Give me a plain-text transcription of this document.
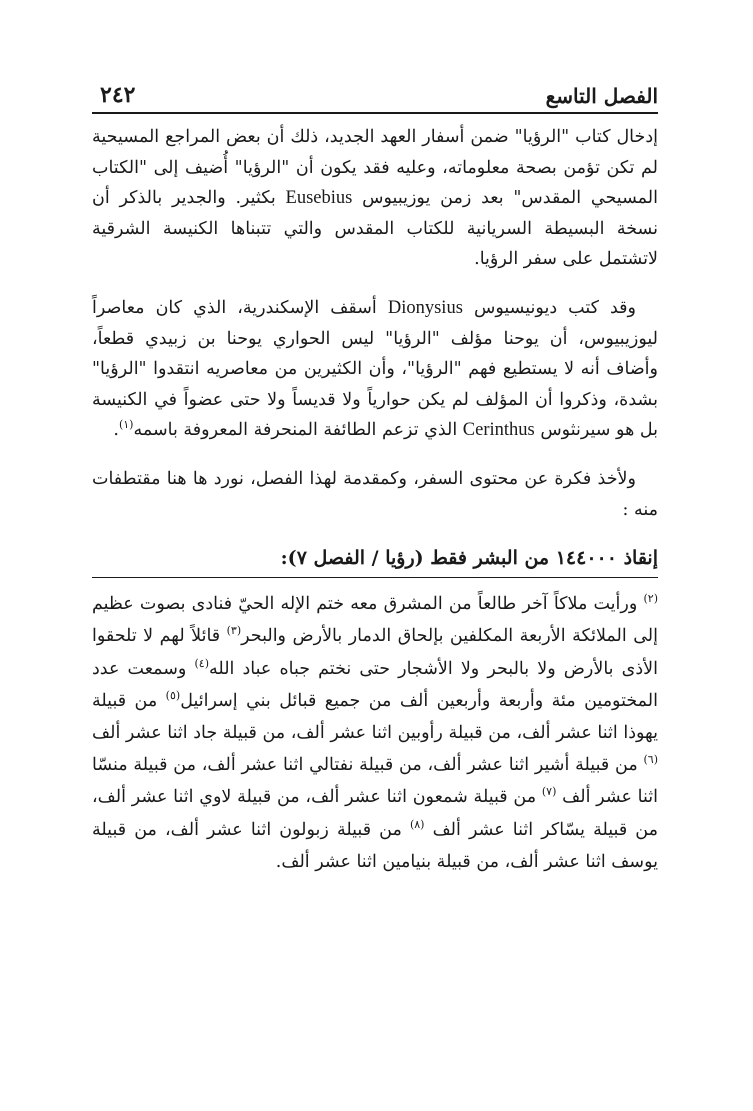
٢٤٢	الفصل التاسع

إدخال كتاب "الرؤيا" ضمن أسفار العهد الجديد، ذلك أن بعض المراجع المسيحية لم تكن تؤمن بصحة معلوماته، وعليه فقد يكون أن "الرؤيا" أُضيف إلى "الكتاب المسيحي المقدس" بعد زمن يوزيبيوس Eusebius بكثير. والجدير بالذكر أن نسخة البسيطة السريانية للكتاب المقدس والتي تتبناها الكنيسة الشرقية لاتشتمل على سفر الرؤيا.

وقد كتب ديونيسيوس Dionysius أسقف الإسكندرية، الذي كان معاصراً ليوزيبيوس، أن يوحنا مؤلف "الرؤيا" ليس الحواري يوحنا بن زبيدي قطعاً، وأضاف أنه لا يستطيع فهم "الرؤيا"، وأن الكثيرين من معاصريه انتقدوا "الرؤيا" بشدة، وذكروا أن المؤلف لم يكن حوارياً ولا قديساً ولا حتى عضواً في الكنيسة بل هو سيرنثوس Cerinthus الذي تزعم الطائفة المنحرفة المعروفة باسمه$^{(١)}$.

ولأخذ فكرة عن محتوى السفر، وكمقدمة لهذا الفصل، نورد ها هنا مقتطفات منه :

إنقاذ ١٤٤٠٠٠ من البشر فقط (رؤيا / الفصل ٧):

$^{(٢)}$ ورأيت ملاكاً آخر طالعاً من المشرق معه ختم الإله الحيّ فنادى بصوت عظيم إلى الملائكة الأربعة المكلفين بإلحاق الدمار بالأرض والبحر$^{(٣)}$ قائلاً لهم لا تلحقوا الأذى بالأرض ولا بالبحر ولا الأشجار حتى نختم جباه عباد الله$^{(٤)}$ وسمعت عدد المختومين مئة وأربعة وأربعين ألف من جميع قبائل بني إسرائيل$^{(٥)}$ من قبيلة يهوذا اثنا عشر ألف، من قبيلة رأوبين اثنا عشر ألف، من قبيلة جاد اثنا عشر ألف $^{(٦)}$ من قبيلة أشير اثنا عشر ألف، من قبيلة نفتالي اثنا عشر ألف، من قبيلة منسّا اثنا عشر ألف $^{(٧)}$ من قبيلة شمعون اثنا عشر ألف، من قبيلة لاوي اثنا عشر ألف، من قبيلة يسّاكر اثنا عشر ألف $^{(٨)}$ من قبيلة زبولون اثنا عشر ألف، من قبيلة يوسف اثنا عشر ألف، من قبيلة بنيامين اثنا عشر ألف.
